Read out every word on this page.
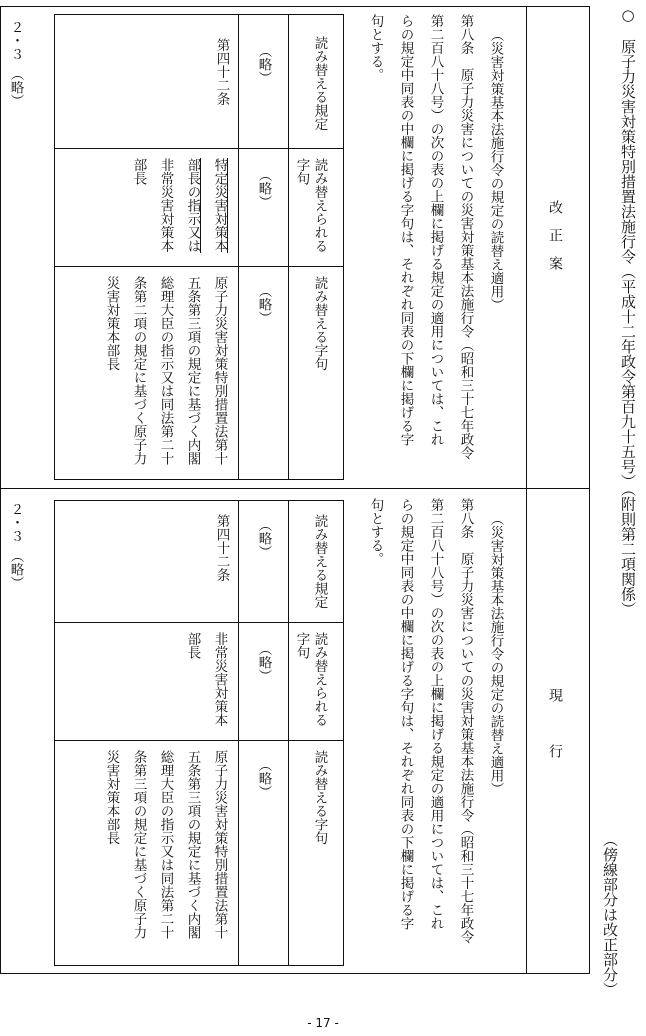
○　原子力災害対策特別措置法施行令（平成十二年政令第百九十五号）（附則第二項関係）
（傍線部分は改正部分）
改　正　案
現　　　行
（災害対策基本法施行令の規定の読替え適用）
第八条　原子力災害についての災害対策基本法施行令（昭和三十七年政令
第二百八十八号）の次の表の上欄に掲げる規定の適用については、これ
らの規定中同表の中欄に掲げる字句は、それぞれ同表の下欄に掲げる字
句とする。
読み替える規定
読み替えられる
字句
読み替える字句
（略）
（略）
（略）
第四十二条
特定災害対策本
部長の指示又は
非常災害対策本
部長
原子力災害対策特別措置法第十
五条第三項の規定に基づく内閣
総理大臣の指示又は同法第二十
条第二項の規定に基づく原子力
災害対策本部長
２・３　（略）
（災害対策基本法施行令の規定の読替え適用）
第八条　原子力災害についての災害対策基本法施行令（昭和三十七年政令
第二百八十八号）の次の表の上欄に掲げる規定の適用については、これ
らの規定中同表の中欄に掲げる字句は、それぞれ同表の下欄に掲げる字
句とする。
読み替える規定
読み替えられる
字句
読み替える字句
（略）
（略）
（略）
第四十二条
非常災害対策本
部長
原子力災害対策特別措置法第十
五条第三項の規定に基づく内閣
総理大臣の指示又は同法第二十
条第三項の規定に基づく原子力
災害対策本部長
２・３　（略）
- 17 -
